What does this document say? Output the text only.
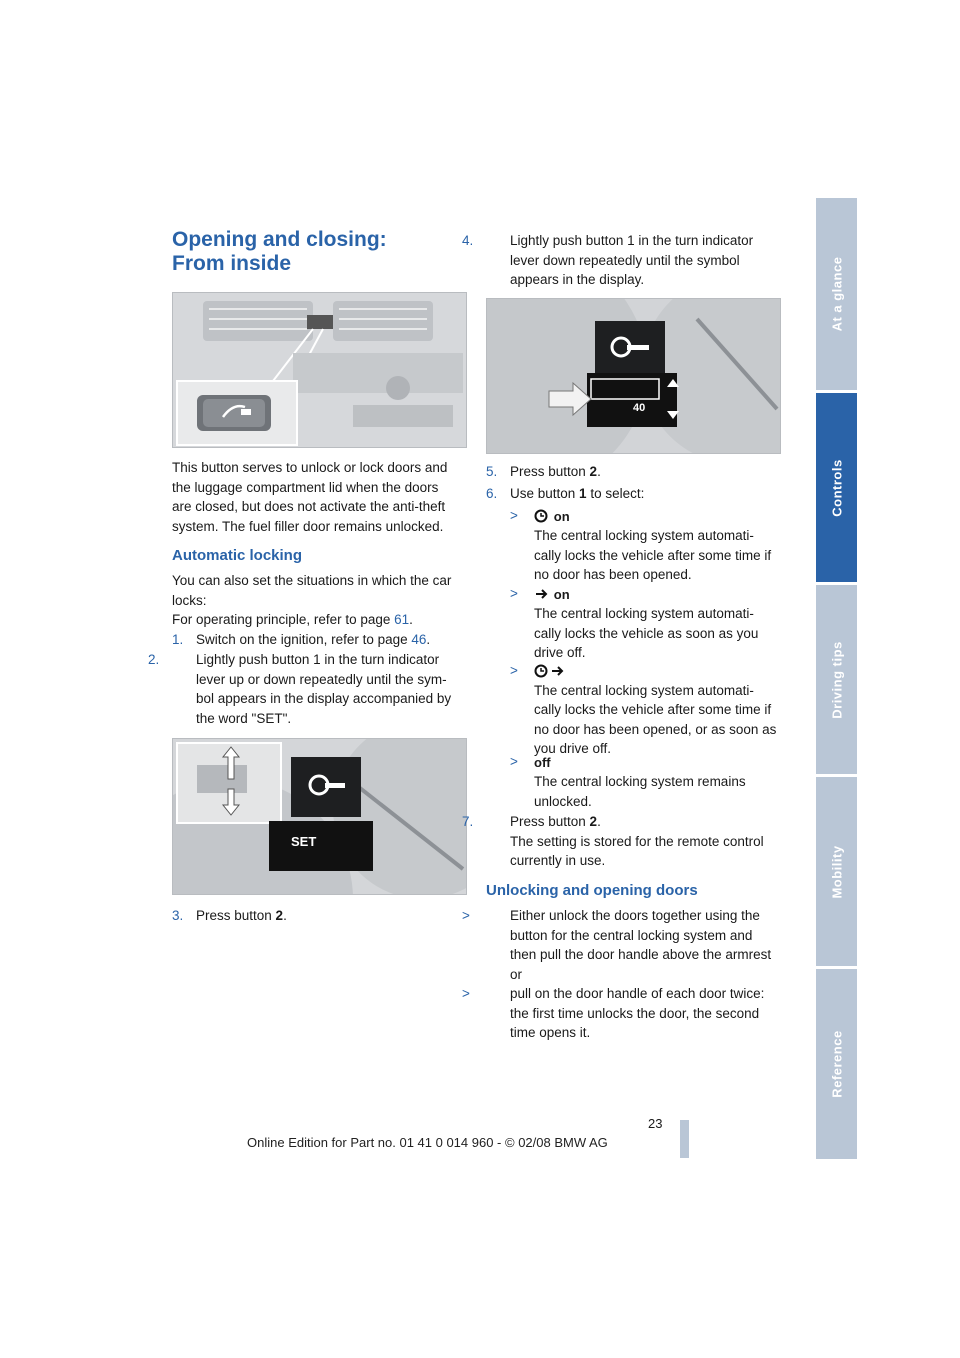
At a glance
Controls
Driving tips
Mobility
Reference
Opening and closing:
From inside

This button serves to unlock or lock doors and
the luggage compartment lid when the doors
are closed, but does not activate the anti-theft
system. The fuel filler door remains unlocked.

Automatic locking

You can also set the situations in which the car
locks:

For operating principle, refer to page 61.

1. Switch on the ignition, refer to page 46.

2.	Lightly push button 1 in the turn indicator
lever up or down repeatedly until the sym-
bol appears in the display accompanied by
the word "SET".

SET

3. Press button 2.

4.	Lightly push button 1 in the turn indicator
lever down repeatedly until the symbol
appears in the display.

40

5. Press button 2.

6. Use button 1 to select:

>	on

The central locking system automati-
cally locks the vehicle after some time if
no door has been opened.
>	on

The central locking system automati-
cally locks the vehicle as soon as you
drive off.
>

The central locking system automati-
cally locks the vehicle after some time if
no door has been opened, or as soon as
you drive off.
> off

The central locking system remains
unlocked.

7.	Press button 2.
The setting is stored for the remote control
currently in use.

Unlocking and opening doors

>	Either unlock the doors together using the
button for the central locking system and
then pull the door handle above the armrest
or

>	pull on the door handle of each door twice:
the first time unlocks the door, the second
time opens it.

23
Online Edition for Part no. 01 41 0 014 960 - © 02/08 BMW AG
